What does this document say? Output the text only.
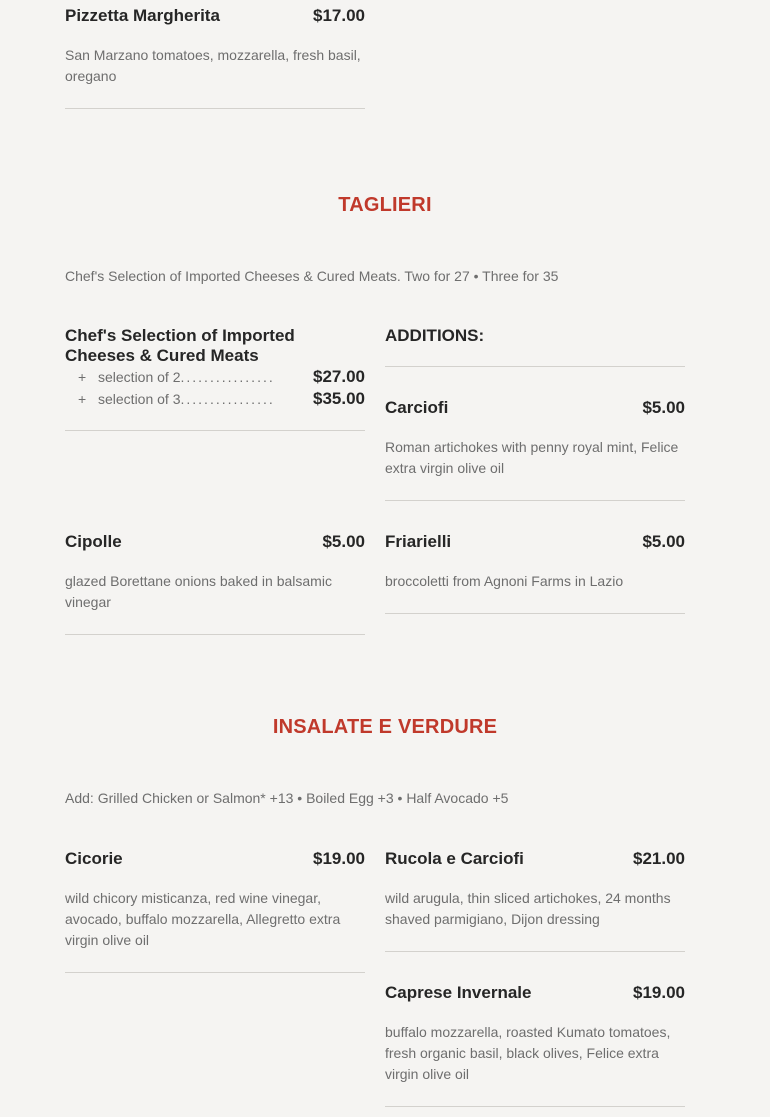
Pizzetta Margherita	$17.00
San Marzano tomatoes, mozzarella, fresh basil, oregano
TAGLIERI
Chef's Selection of Imported Cheeses & Cured Meats. Two for 27 • Three for 35
Chef's Selection of Imported Cheeses & Cured Meats
+ selection of 2 ................	$27.00
+ selection of 3 ................	$35.00
ADDITIONS:
Carciofi	$5.00
Roman artichokes with penny royal mint, Felice extra virgin olive oil
Cipolle	$5.00
glazed Borettane onions baked in balsamic vinegar
Friarielli	$5.00
broccoletti from Agnoni Farms in Lazio
INSALATE E VERDURE
Add: Grilled Chicken or Salmon* +13 • Boiled Egg +3 • Half Avocado +5
Cicorie	$19.00
wild chicory misticanza, red wine vinegar, avocado, buffalo mozzarella, Allegretto extra virgin olive oil
Rucola e Carciofi	$21.00
wild arugula, thin sliced artichokes, 24 months shaved parmigiano, Dijon dressing
Caprese Invernale	$19.00
buffalo mozzarella, roasted Kumato tomatoes, fresh organic basil, black olives, Felice extra virgin olive oil
